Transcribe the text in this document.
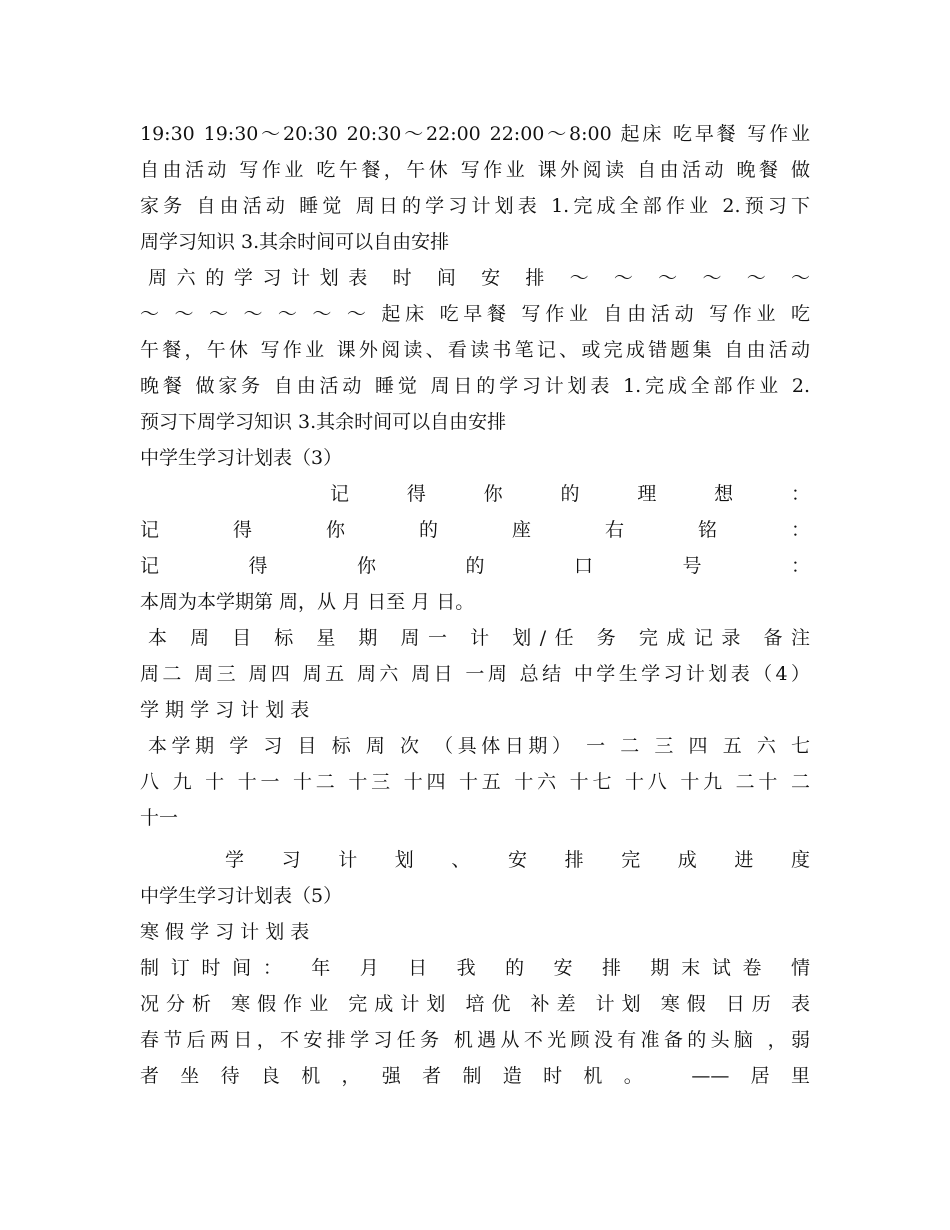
19:30 19:30～20:30 20:30～22:00 22:00～8:00 起床 吃早餐 写作业
自由活动 写作业 吃午餐，午休 写作业 课外阅读 自由活动 晚餐 做
家务 自由活动 睡觉 周日的学习计划表 1.完成全部作业 2.预习下
周学习知识 3.其余时间可以自由安排
周六的学习计划表 时 间 安 排 ～ ～ ～ ～ ～ ～
～ ～ ～ ～ ～ ～ ～ 起床 吃早餐 写作业 自由活动 写作业 吃
午餐，午休 写作业 课外阅读、看读书笔记、或完成错题集 自由活动
晚餐 做家务 自由活动 睡觉 周日的学习计划表 1.完成全部作业 2.
预习下周学习知识 3.其余时间可以自由安排
中学生学习计划表（3）
记 得 你 的 理 想 ：
记 得 你 的 座 右 铭 ：
记 得 你 的 口 号 ：
本周为本学期第 周，从 月 日至 月 日。
本 周 目 标 星 期 周一 计 划/任 务 完成记录 备注
周二 周三 周四 周五 周六 周日 一周 总结 中学生学习计划表（4）
学 期 学 习 计 划 表
本学期 学 习 目 标 周 次 （具体日期） 一 二 三 四 五 六 七
八 九 十 十一 十二 十三 十四 十五 十六 十七 十八 十九 二十 二
十一
学 习 计 划 、 安 排 完 成 进 度
中学生学习计划表（5）
寒 假 学 习 计 划 表
制订时间： 年 月 日 我 的 安 排 期末试卷 情
况分析 寒假作业 完成计划 培优 补差 计划 寒假 日历 表
春节后两日，不安排学习任务 机遇从不光顾没有准备的头脑 ，弱
者坐待良机，强者制造时机。 ——居里
